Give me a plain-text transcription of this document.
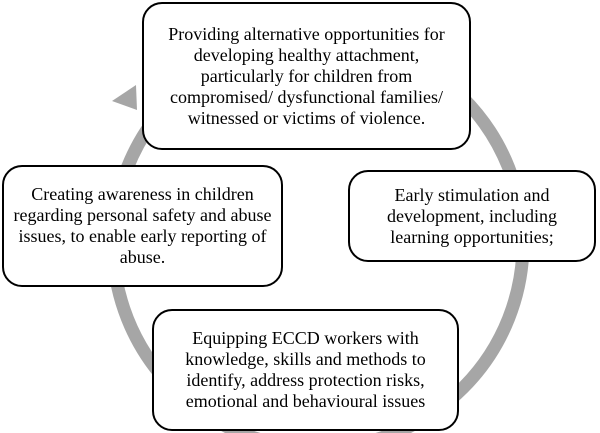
Providing alternative opportunities for developing healthy attachment, particularly for children from compromised/ dysfunctional families/ witnessed or victims of violence.
Creating awareness in children regarding personal safety and abuse issues, to enable early reporting of abuse.
Early stimulation and development, including learning opportunities;
Equipping ECCD workers with knowledge, skills and methods to identify, address protection risks, emotional and behavioural issues
